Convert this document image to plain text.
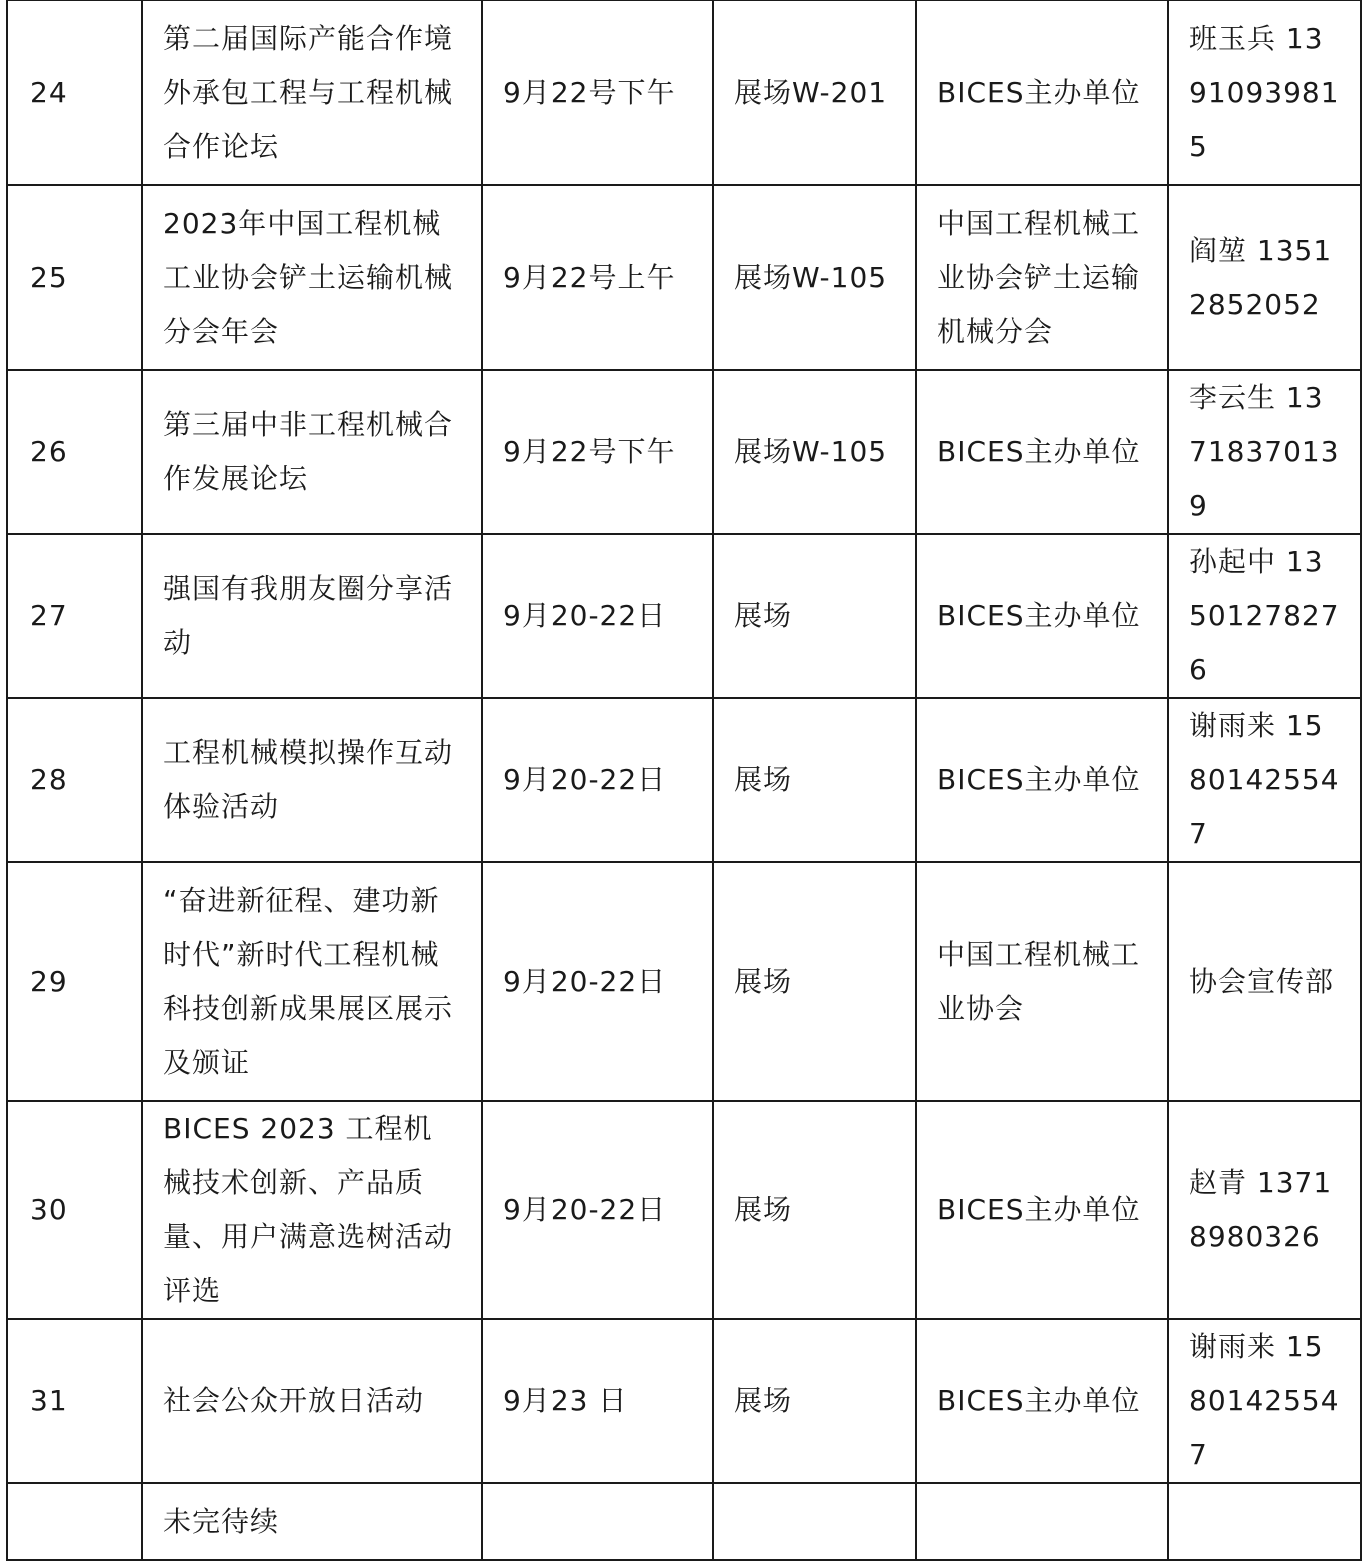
24	第二届国际产能合作境外承包工程与工程机械合作论坛	9月22号下午	展场W-201	BICES主办单位	班玉兵 13910939815
25	2023年中国工程机械工业协会铲土运输机械分会年会	9月22号上午	展场W-105	中国工程机械工业协会铲土运输机械分会	阎堃 13512852052
26	第三届中非工程机械合作发展论坛	9月22号下午	展场W-105	BICES主办单位	李云生 13718370139
27	强国有我朋友圈分享活动	9月20-22日	展场	BICES主办单位	孙起中 13501278276
28	工程机械模拟操作互动体验活动	9月20-22日	展场	BICES主办单位	谢雨来 15801425547
29	“奋进新征程、建功新时代”新时代工程机械科技创新成果展区展示及颁证	9月20-22日	展场	中国工程机械工业协会	协会宣传部
30	BICES 2023 工程机械技术创新、产品质量、用户满意选树活动评选	9月20-22日	展场	BICES主办单位	赵青 13718980326
31	社会公众开放日活动	9月23 日	展场	BICES主办单位	谢雨来 15801425547
	未完待续				
